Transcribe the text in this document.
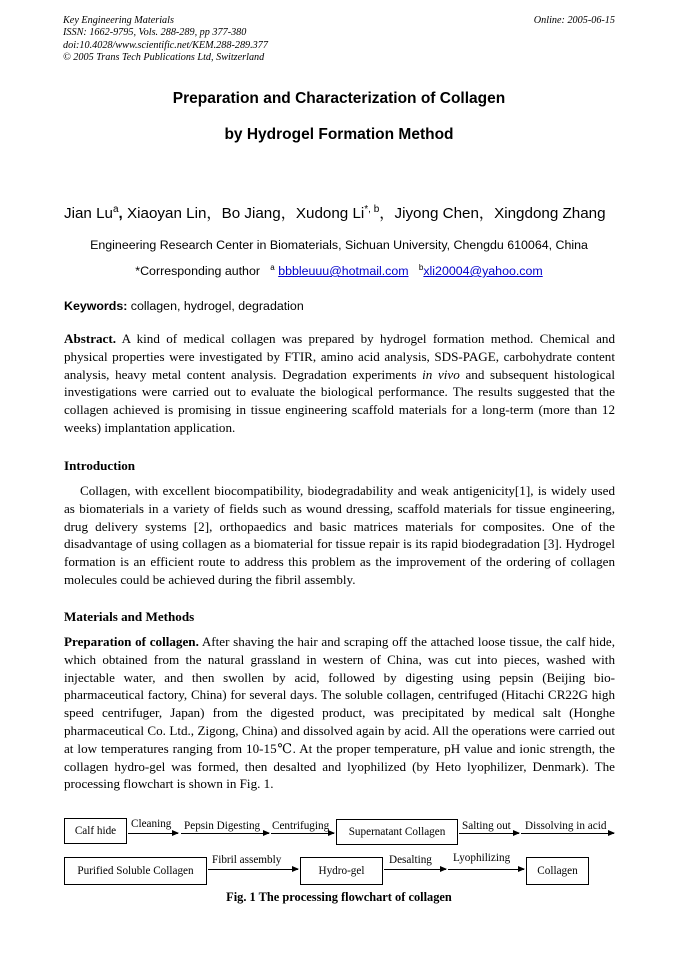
Key Engineering Materials
ISSN: 1662-9795, Vols. 288-289, pp 377-380
doi:10.4028/www.scientific.net/KEM.288-289.377
© 2005 Trans Tech Publications Ltd, Switzerland
Online: 2005-06-15
Preparation and Characterization of Collagen
by Hydrogel Formation Method
Jian Lu$^a$, Xiaoyan Lin，Bo Jiang，Xudong $Li^{*, b}$，Jiyong Chen，Xingdong Zhang
Engineering Research Center in Biomaterials, Sichuan University, Chengdu 610064, China
*Corresponding author $^a$ bbbleuuu@hotmail.com $^b$xli20004@yahoo.com
Keywords: collagen, hydrogel, degradation

Abstract. A kind of medical collagen was prepared by hydrogel formation method. Chemical and physical properties were investigated by FTIR, amino acid analysis, SDS-PAGE, carbohydrate content analysis, heavy metal content analysis. Degradation experiments in vivo and subsequent histological investigations were carried out to evaluate the biological performance. The results suggested that the collagen achieved is promising in tissue engineering scaffold materials for a long-term (more than 12 weeks) implantation application.

Introduction

Collagen, with excellent biocompatibility, biodegradability and weak antigenicity[1], is widely used as biomaterials in a variety of fields such as wound dressing, scaffold materials for tissue engineering, drug delivery systems [2], orthopaedics and basic matrices materials for composites. One of the disadvantage of using collagen as a biomaterial for tissue repair is its rapid biodegradation [3]. Hydrogel formation is an efficient route to address this problem as the improvement of the ordering of collagen molecules could be achieved during the fibril assembly.

Materials and Methods

Preparation of collagen. After shaving the hair and scraping off the attached loose tissue, the calf hide, which obtained from the natural grassland in western of China, was cut into pieces, washed with injectable water, and then swollen by acid, followed by digesting using pepsin (Beijing bio-pharmaceutical factory, China) for several days. The soluble collagen, centrifuged (Hitachi CR22G high speed centrifuger, Japan) from the digested product, was precipitated by medical salt (Honghe pharmaceutical Co. Ltd., Zigong, China) and dissolved again by acid. All the operations were carried out at low temperatures ranging from 10-15℃. At the proper temperature, pH value and ionic strength, the collagen hydro-gel was formed, then desalted and lyophilized (by Heto lyophilizer, Denmark). The processing flowchart is shown in Fig. 1.

Calf hide
Cleaning Pepsin Digesting Centrifuging	Supernatant Collagen	Salting out Dissolving in acid
Purified Soluble Collagen
Fibril assembly
Hydro-gel
Desalting Lyophilizing
Collagen
Fig. 1 The processing flowchart of collagen
